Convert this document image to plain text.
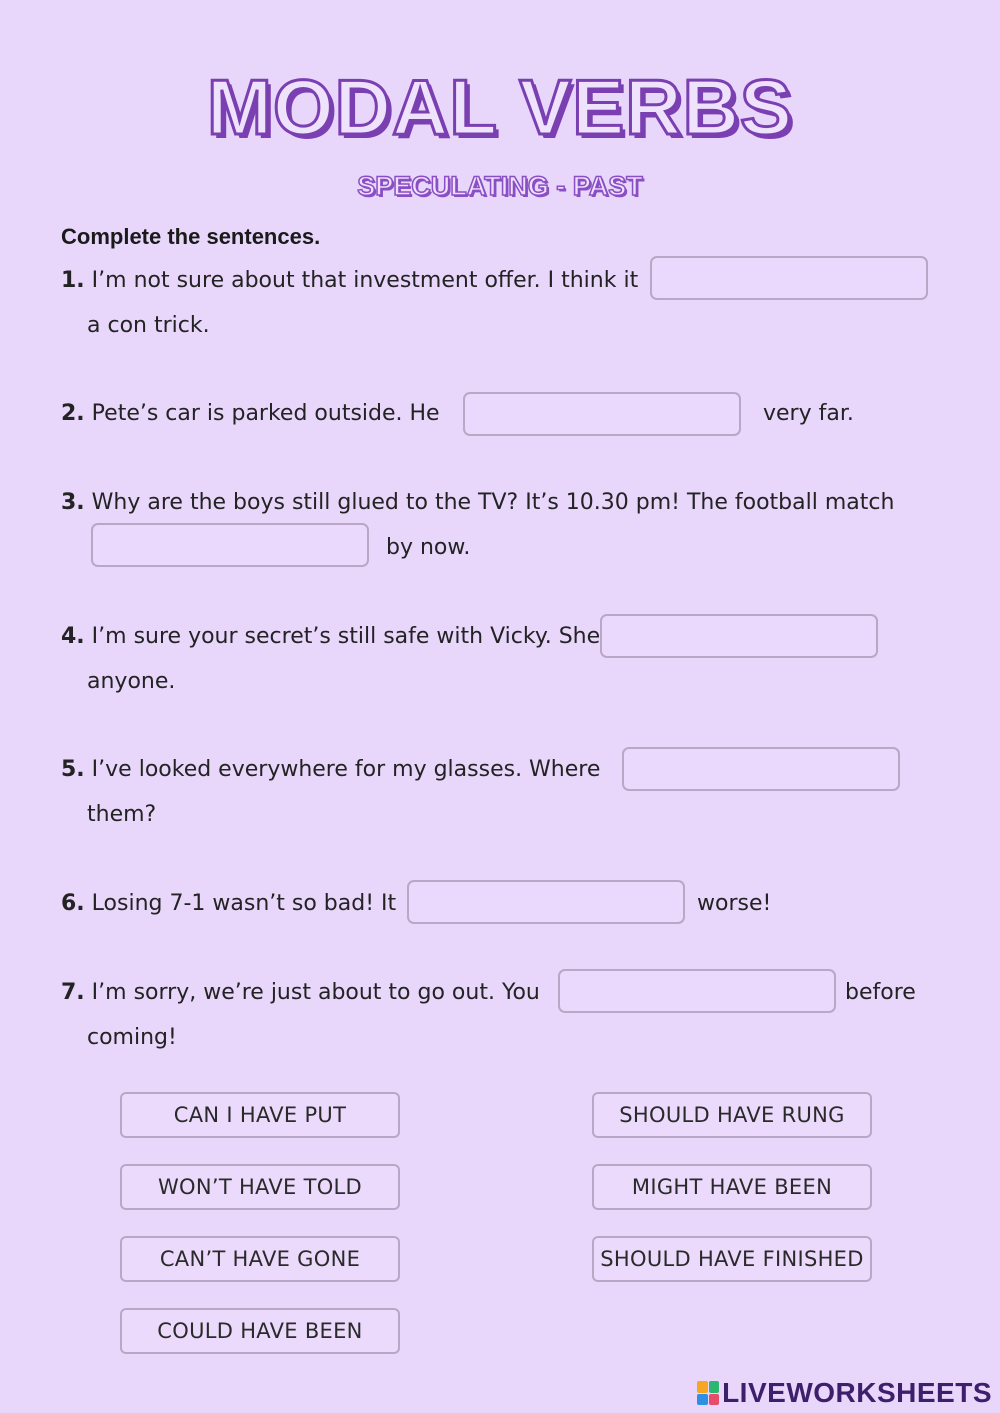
MODAL VERBS
SPECULATING - PAST
Complete the sentences.
1. I’m not sure about that investment offer. I think it
a con trick.
2. Pete’s car is parked outside. He	very far.
3. Why are the boys still glued to the TV? It’s 10.30 pm! The football match
by now.
4. I’m sure your secret’s still safe with Vicky. She
anyone.
5. I’ve looked everywhere for my glasses. Where
them?
6. Losing 7-1 wasn’t so bad! It	worse!
7. I’m sorry, we’re just about to go out. You	before
coming!
CAN I HAVE PUT	SHOULD HAVE RUNG
WON’T HAVE TOLD	MIGHT HAVE BEEN
CAN’T HAVE GONE	SHOULD HAVE FINISHED
COULD HAVE BEEN
LIVEWORKSHEETS
